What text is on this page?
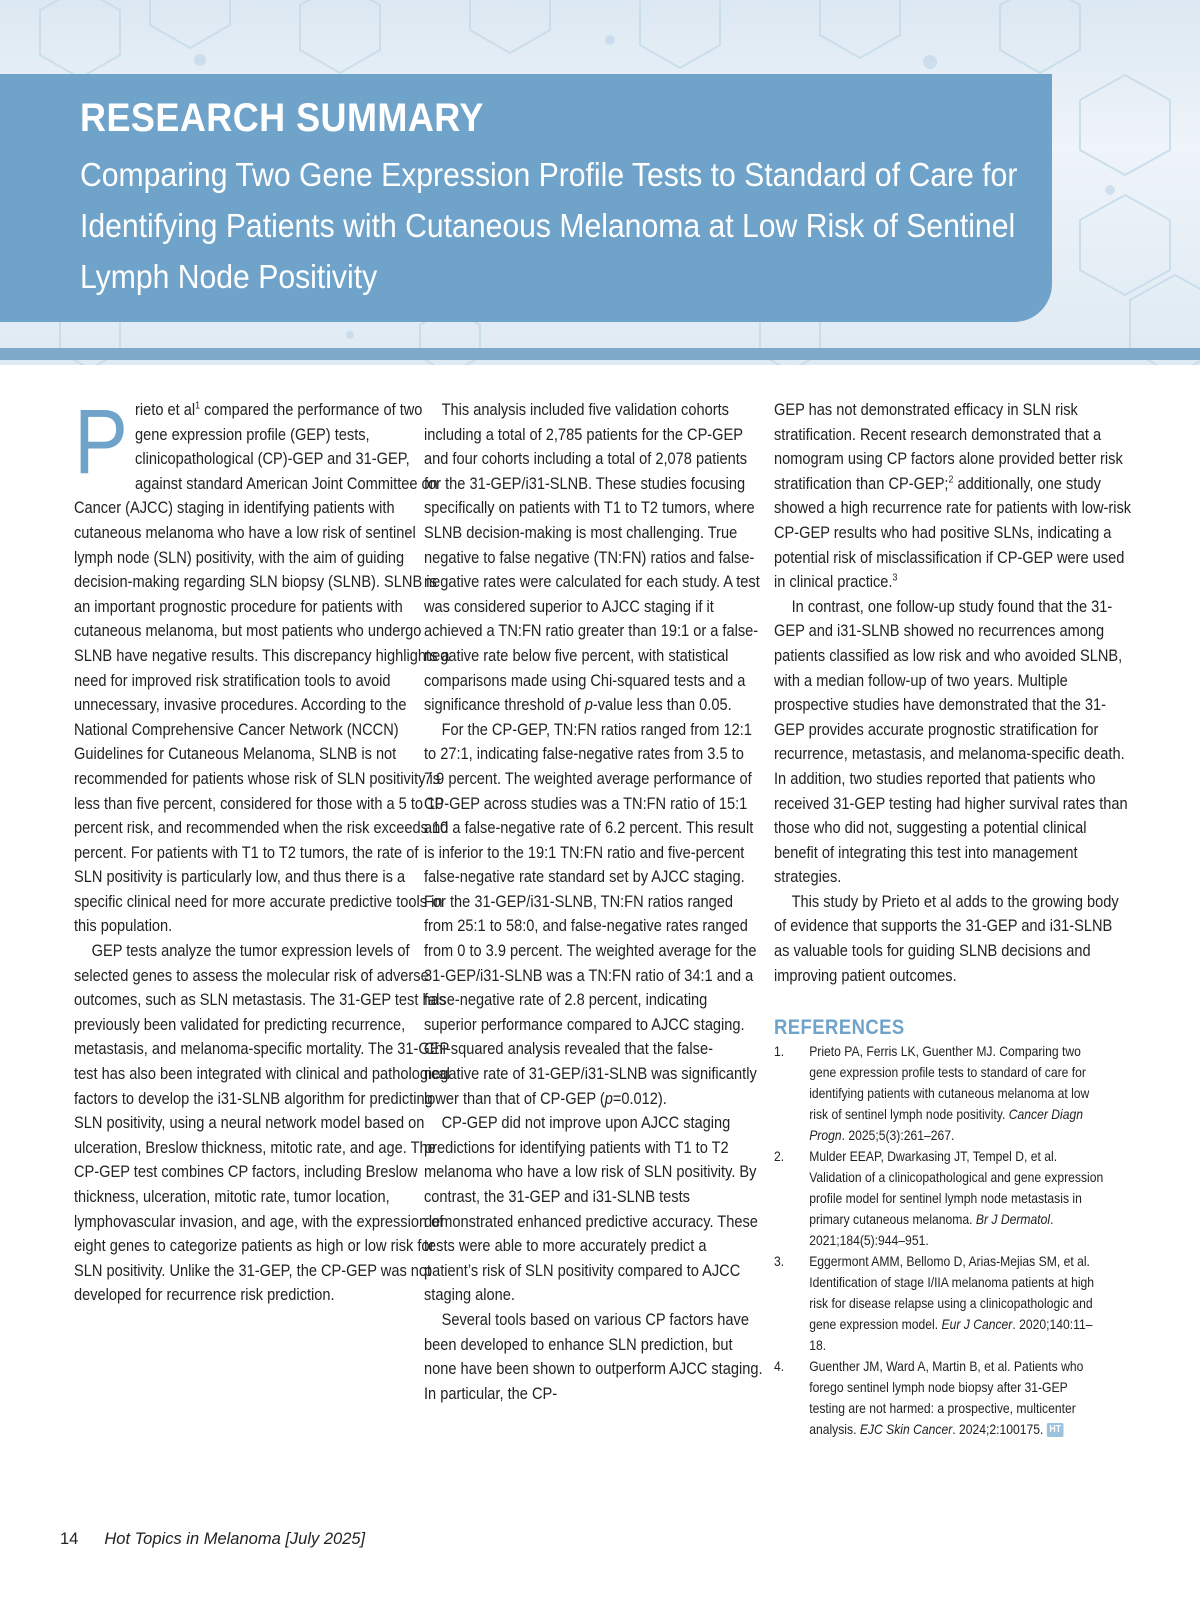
RESEARCH SUMMARY
Comparing Two Gene Expression Profile Tests to Standard of Care for Identifying Patients with Cutaneous Melanoma at Low Risk of Sentinel Lymph Node Positivity

Prieto et $al^1$ compared the performance of two gene expression profile (GEP) tests, clinicopathological (CP)-GEP and 31-GEP, against standard American Joint Committee on Cancer (AJCC) staging in identifying patients with cutaneous melanoma who have a low risk of sentinel lymph node (SLN) positivity, with the aim of guiding decision-making regarding SLN biopsy (SLNB). SLNB is an important prognostic procedure for patients with cutaneous melanoma, but most patients who undergo SLNB have negative results. This discrepancy highlights a need for improved risk stratification tools to avoid unnecessary, invasive procedures. According to the National Comprehensive Cancer Network (NCCN) Guidelines for Cutaneous Melanoma, SLNB is not recommended for patients whose risk of SLN positivity is less than five percent, considered for those with a 5 to 10 percent risk, and recommended when the risk exceeds 10 percent. For patients with T1 to T2 tumors, the rate of SLN positivity is particularly low, and thus there is a specific clinical need for more accurate predictive tools in this population.

GEP tests analyze the tumor expression levels of selected genes to assess the molecular risk of adverse outcomes, such as SLN metastasis. The 31-GEP test has previously been validated for predicting recurrence, metastasis, and melanoma-specific mortality. The 31-GEP test has also been integrated with clinical and pathological factors to develop the i31-SLNB algorithm for predicting SLN positivity, using a neural network model based on ulceration, Breslow thickness, mitotic rate, and age. The CP-GEP test combines CP factors, including Breslow thickness, ulceration, mitotic rate, tumor location, lymphovascular invasion, and age, with the expression of eight genes to categorize patients as high or low risk for SLN positivity. Unlike the 31-GEP, the CP-GEP was not developed for recurrence risk prediction.

This analysis included five validation cohorts including a total of 2,785 patients for the CP-GEP and four cohorts including a total of 2,078 patients for the 31-GEP/i31-SLNB. These studies focusing specifically on patients with T1 to T2 tumors, where SLNB decision-making is most challenging. True negative to false negative (TN:FN) ratios and false-negative rates were calculated for each study. A test was considered superior to AJCC staging if it achieved a TN:FN ratio greater than 19:1 or a false-negative rate below five percent, with statistical comparisons made using Chi-squared tests and a significance threshold of p-value less than 0.05.

For the CP-GEP, TN:FN ratios ranged from 12:1 to 27:1, indicating false-negative rates from 3.5 to 7.9 percent. The weighted average performance of CP-GEP across studies was a TN:FN ratio of 15:1 and a false-negative rate of 6.2 percent. This result is inferior to the 19:1 TN:FN ratio and five-percent false-negative rate standard set by AJCC staging. For the 31-GEP/i31-SLNB, TN:FN ratios ranged from 25:1 to 58:0, and false-negative rates ranged from 0 to 3.9 percent. The weighted average for the 31-GEP/i31-SLNB was a TN:FN ratio of 34:1 and a false-negative rate of 2.8 percent, indicating superior performance compared to AJCC staging. Chi-squared analysis revealed that the false-negative rate of 31-GEP/i31-SLNB was significantly lower than that of CP-GEP (p=0.012).

CP-GEP did not improve upon AJCC staging predictions for identifying patients with T1 to T2 melanoma who have a low risk of SLN positivity. By contrast, the 31-GEP and i31-SLNB tests demonstrated enhanced predictive accuracy. These tests were able to more accurately predict a patient’s risk of SLN positivity compared to AJCC staging alone.

Several tools based on various CP factors have been developed to enhance SLN prediction, but none have been shown to outperform AJCC staging. In particular, the CP-

GEP has not demonstrated efficacy in SLN risk stratification. Recent research demonstrated that a nomogram using CP factors alone provided better risk stratification than CP-GEP;$^2$ additionally, one study showed a high recurrence rate for patients with low-risk CP-GEP results who had positive SLNs, indicating a potential risk of misclassification if CP-GEP were used in clinical practice.$^3$

In contrast, one follow-up study found that the 31-GEP and i31-SLNB showed no recurrences among patients classified as low risk and who avoided SLNB, with a median follow-up of two years. Multiple prospective studies have demonstrated that the 31-GEP provides accurate prognostic stratification for recurrence, metastasis, and melanoma-specific death. In addition, two studies reported that patients who received 31-GEP testing had higher survival rates than those who did not, suggesting a potential clinical benefit of integrating this test into management strategies.

This study by Prieto et al adds to the growing body of evidence that supports the 31-GEP and i31-SLNB as valuable tools for guiding SLNB decisions and improving patient outcomes.

REFERENCES
1.	Prieto PA, Ferris LK, Guenther MJ. Comparing two gene expression profile tests to standard of care for identifying patients with cutaneous melanoma at low risk of sentinel lymph node positivity. Cancer Diagn Progn. 2025;5(3):261–267.
2.	Mulder EEAP, Dwarkasing JT, Tempel D, et al. Validation of a clinicopathological and gene expression profile model for sentinel lymph node metastasis in primary cutaneous melanoma. Br J Dermatol. 2021;184(5):944–951.
3.	Eggermont AMM, Bellomo D, Arias-Mejias SM, et al. Identification of stage I/IIA melanoma patients at high risk for disease relapse using a clinicopathologic and gene expression model. Eur J Cancer. 2020;140:11–18.
4.	Guenther JM, Ward A, Martin B, et al. Patients who forego sentinel lymph node biopsy after 31-GEP testing are not harmed: a prospective, multicenter analysis. EJC Skin Cancer. 2024;2:100175. HT
14 Hot Topics in Melanoma [July 2025]
